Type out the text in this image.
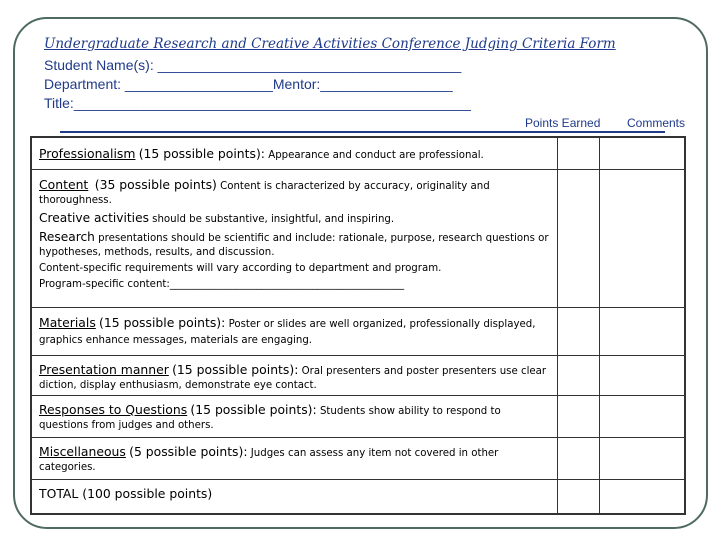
Undergraduate Research and Creative Activities Conference Judging Criteria Form
Student Name(s): _______________________________________
Department: ___________________Mentor:_________________
Title:___________________________________________________
Points Earned Comments
Professionalism (15 possible points): Appearance and conduct are professional.		

Content (35 possible points) Content is characterized by accuracy, originality and thoroughness.
Creative activities should be substantive, insightful, and inspiring.
Research presentations should be scientific and include: rationale, purpose, research questions or hypotheses, methods, results, and discussion.
Content-specific requirements will vary according to department and program.
Program-specific content:______________________________________________		

Materials (15 possible points): Poster or slides are well organized, professionally displayed, graphics enhance messages, materials are engaging.		
Presentation manner (15 possible points): Oral presenters and poster presenters use clear diction, display enthusiasm, demonstrate eye contact.		
Responses to Questions (15 possible points): Students show ability to respond to questions from judges and others.		
Miscellaneous (5 possible points): Judges can assess any item not covered in other categories.		
TOTAL (100 possible points)		
